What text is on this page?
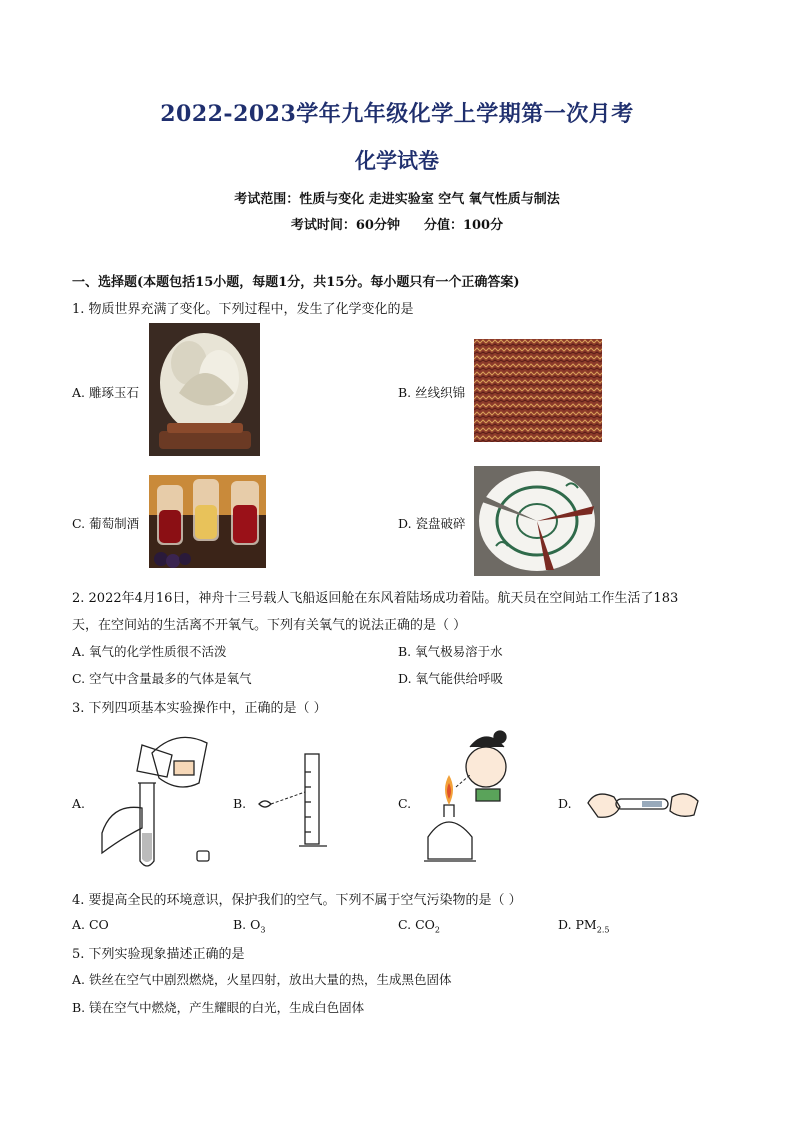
2022-2023学年九年级化学上学期第一次月考
化学试卷
考试范围：性质与变化 走进实验室 空气 氧气性质与制法
考试时间：60分钟 分值：100分
一、选择题(本题包括15小题，每题1分，共15分。每小题只有一个正确答案)
1. 物质世界充满了变化。下列过程中，发生了化学变化的是
A. 雕琢玉石	B. 丝线织锦
C. 葡萄制酒	D. 瓷盘破碎
2. 2022年4月16日，神舟十三号载人飞船返回舱在东风着陆场成功着陆。航天员在空间站工作生活了183
天，在空间站的生活离不开氧气。下列有关氧气的说法正确的是（ ）
A. 氧气的化学性质很不活泼	B. 氧气极易溶于水
C. 空气中含量最多的气体是氧气	D. 氧气能供给呼吸
3. 下列四项基本实验操作中，正确的是（ ）
A.	B.	C.	D.
4. 要提高全民的环境意识，保护我们的空气。下列不属于空气污染物的是（ ）
A. CO	B. $O_3$	C. $CO_2$	D. $PM_{2.5}$
5. 下列实验现象描述正确的是
A. 铁丝在空气中剧烈燃烧，火星四射，放出大量的热，生成黑色固体
B. 镁在空气中燃烧，产生耀眼的白光，生成白色固体
